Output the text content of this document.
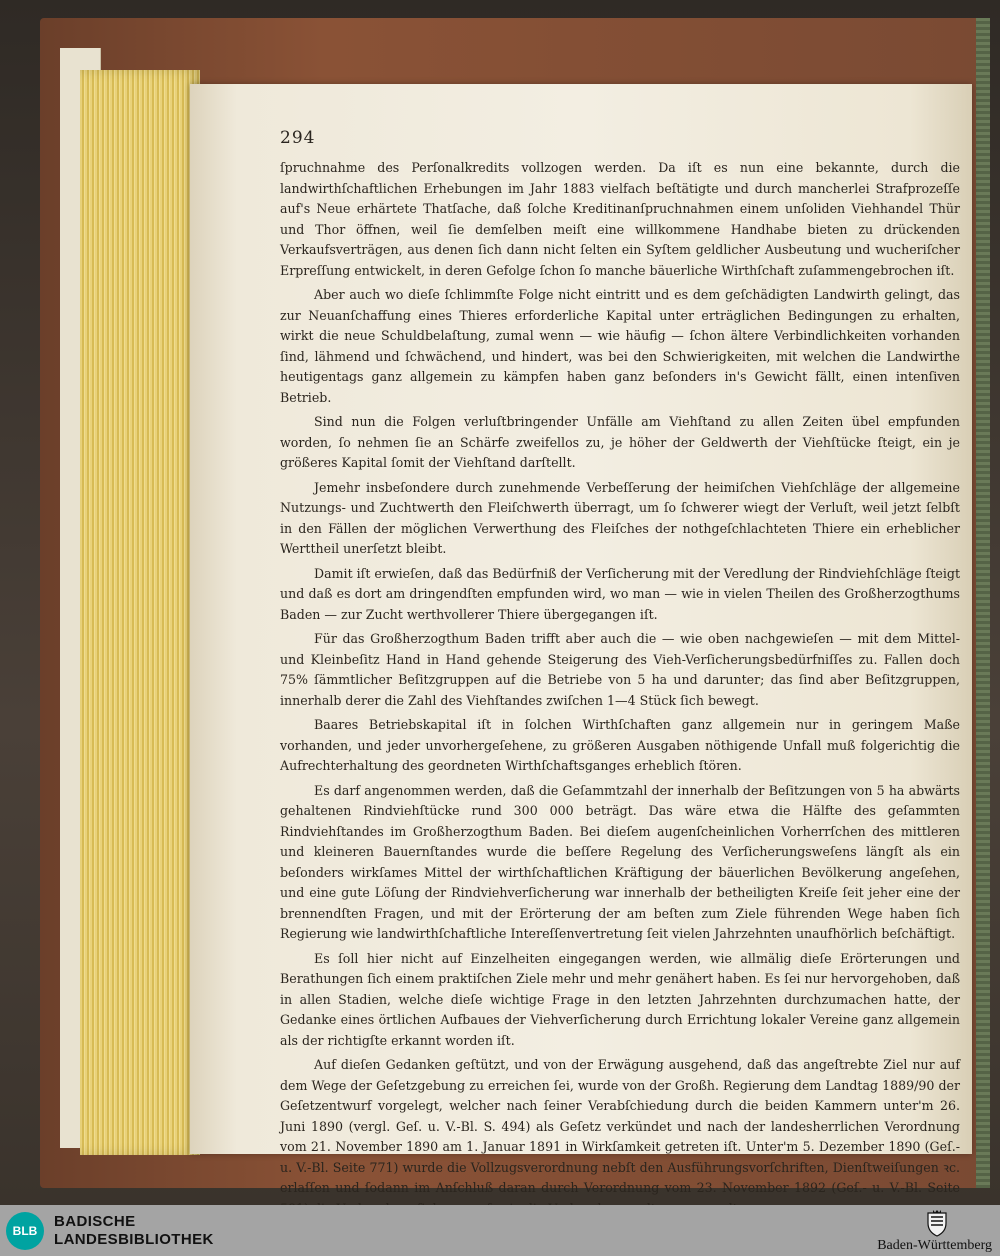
294

ſpruchnahme des Perſonalkredits vollzogen werden. Da iſt es nun eine bekannte, durch die landwirthſchaftlichen Erhebungen im Jahr 1883 vielfach beſtätigte und durch mancherlei Strafprozeſſe auf's Neue erhärtete Thatſache, daß ſolche Kreditinanſpruchnahmen einem unſoliden Viehhandel Thür und Thor öffnen, weil ſie demſelben meiſt eine willkommene Handhabe bieten zu drückenden Verkaufsverträgen, aus denen ſich dann nicht ſelten ein Syſtem geldlicher Ausbeutung und wucheriſcher Erpreſſung entwickelt, in deren Gefolge ſchon ſo manche bäuerliche Wirthſchaft zuſammengebrochen iſt.

Aber auch wo dieſe ſchlimmſte Folge nicht eintritt und es dem geſchädigten Landwirth gelingt, das zur Neuanſchaffung eines Thieres erforderliche Kapital unter erträglichen Bedingungen zu erhalten, wirkt die neue Schuldbelaſtung, zumal wenn — wie häufig — ſchon ältere Verbindlichkeiten vorhanden ſind, lähmend und ſchwächend, und hindert, was bei den Schwierigkeiten, mit welchen die Landwirthe heutigentags ganz allgemein zu kämpfen haben ganz beſonders in's Gewicht fällt, einen intenſiven Betrieb.

Sind nun die Folgen verluſtbringender Unfälle am Viehſtand zu allen Zeiten übel empfunden worden, ſo nehmen ſie an Schärfe zweifellos zu, je höher der Geldwerth der Viehſtücke ſteigt, ein je größeres Kapital ſomit der Viehſtand darſtellt.

Jemehr insbeſondere durch zunehmende Verbeſſerung der heimiſchen Viehſchläge der allgemeine Nutzungs- und Zuchtwerth den Fleiſchwerth überragt, um ſo ſchwerer wiegt der Verluſt, weil jetzt ſelbſt in den Fällen der möglichen Verwerthung des Fleiſches der nothgeſchlachteten Thiere ein erheblicher Werttheil unerſetzt bleibt.

Damit iſt erwieſen, daß das Bedürfniß der Verſicherung mit der Veredlung der Rindviehſchläge ſteigt und daß es dort am dringendſten empfunden wird, wo man — wie in vielen Theilen des Großherzogthums Baden — zur Zucht werthvollerer Thiere übergegangen iſt.

Für das Großherzogthum Baden trifft aber auch die — wie oben nachgewieſen — mit dem Mittel- und Kleinbeſitz Hand in Hand gehende Steigerung des Vieh-Verſicherungsbedürfniſſes zu. Fallen doch 75% ſämmtlicher Beſitzgruppen auf die Betriebe von 5 ha und darunter; das ſind aber Beſitzgruppen, innerhalb derer die Zahl des Viehſtandes zwiſchen 1—4 Stück ſich bewegt.

Baares Betriebskapital iſt in ſolchen Wirthſchaften ganz allgemein nur in geringem Maße vorhanden, und jeder unvorhergeſehene, zu größeren Ausgaben nöthigende Unfall muß folgerichtig die Aufrechterhaltung des geordneten Wirthſchaftsganges erheblich ſtören.

Es darf angenommen werden, daß die Geſammtzahl der innerhalb der Beſitzungen von 5 ha abwärts gehaltenen Rindviehſtücke rund 300 000 beträgt. Das wäre etwa die Hälfte des geſammten Rindviehſtandes im Großherzogthum Baden. Bei dieſem augenſcheinlichen Vorherrſchen des mittleren und kleineren Bauernſtandes wurde die beſſere Regelung des Verſicherungsweſens längſt als ein beſonders wirkſames Mittel der wirthſchaftlichen Kräftigung der bäuerlichen Bevölkerung angeſehen, und eine gute Löſung der Rindviehverſicherung war innerhalb der betheiligten Kreiſe ſeit jeher eine der brennendſten Fragen, und mit der Erörterung der am beſten zum Ziele führenden Wege haben ſich Regierung wie landwirthſchaftliche Intereſſenvertretung ſeit vielen Jahrzehnten unaufhörlich beſchäftigt.

Es ſoll hier nicht auf Einzelheiten eingegangen werden, wie allmälig dieſe Erörterungen und Berathungen ſich einem praktiſchen Ziele mehr und mehr genähert haben. Es ſei nur hervorgehoben, daß in allen Stadien, welche dieſe wichtige Frage in den letzten Jahrzehnten durchzumachen hatte, der Gedanke eines örtlichen Aufbaues der Viehverſicherung durch Errichtung lokaler Vereine ganz allgemein als der richtigſte erkannt worden iſt.

Auf dieſen Gedanken geſtützt, und von der Erwägung ausgehend, daß das angeſtrebte Ziel nur auf dem Wege der Geſetzgebung zu erreichen ſei, wurde von der Großh. Regierung dem Landtag 1889/90 der Geſetzentwurf vorgelegt, welcher nach ſeiner Verabſchiedung durch die beiden Kammern unter'm 26. Juni 1890 (vergl. Geſ. u. V.-Bl. S. 494) als Geſetz verkündet und nach der landesherrlichen Verordnung vom 21. November 1890 am 1. Januar 1891 in Wirkſamkeit getreten iſt. Unter'm 5. Dezember 1890 (Geſ.- u. V.-Bl. Seite 771) wurde die Vollzugsverordnung nebſt den Ausführungsvorſchriften, Dienſtweiſungen ꝛc. erlaſſen und ſodann im Anſchluß daran durch Verordnung vom 23. November 1892 (Geſ.- u. V.-Bl. Seite

BLB
BADISCHE
LANDESBIBLIOTHEK	Baden-Württemberg
